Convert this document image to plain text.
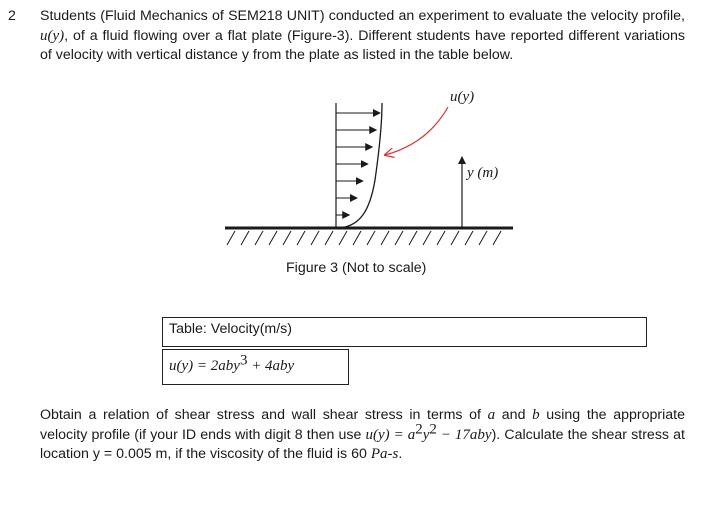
2 Students (Fluid Mechanics of SEM218 UNIT) conducted an experiment to evaluate the velocity profile, u(y), of a fluid flowing over a flat plate (Figure-3). Different students have reported different variations of velocity with vertical distance y from the plate as listed in the table below.

u(y)
y (m)
Figure 3 (Not to scale)
Table: Velocity(m/s)
u(y) = 2aby$^3$ + 4aby

Obtain a relation of shear stress and wall shear stress in terms of a and b using the appropriate velocity profile (if your ID ends with digit 8 then use $u(y) = a^2y^2 - 17aby$). Calculate the shear stress at location y = 0.005 m, if the viscosity of the fluid is 60 Pa-s.
